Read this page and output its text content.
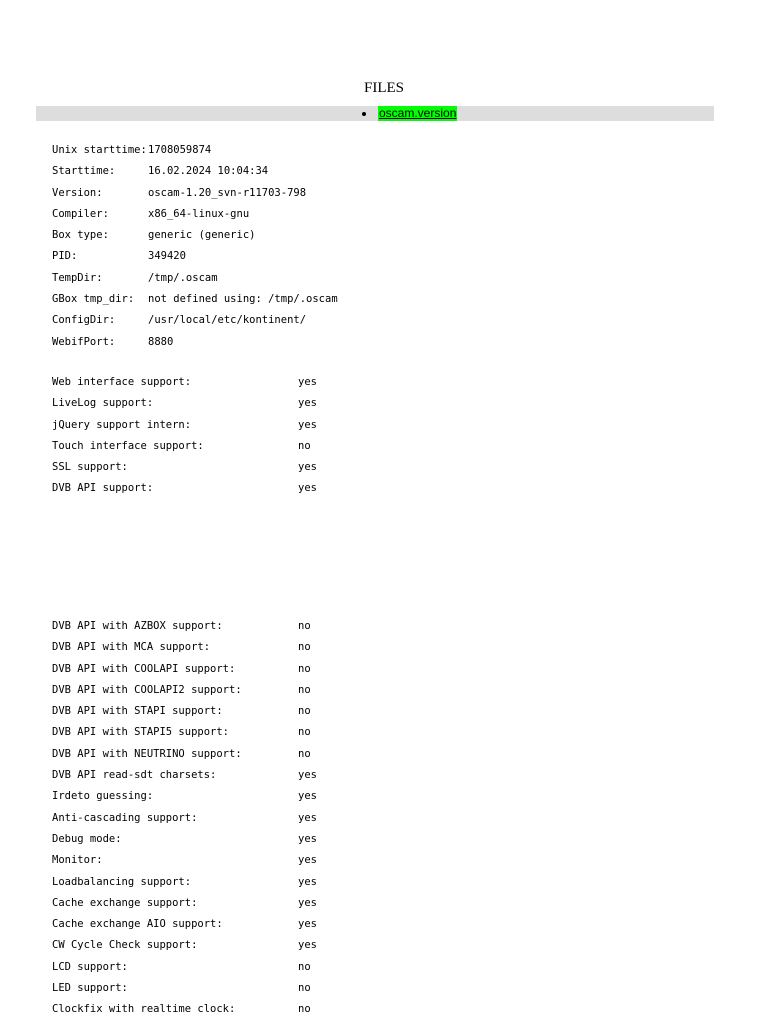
FILES
oscam.version
Unix starttime: 1708059874
Starttime:	16.02.2024 10:04:34
Version:	oscam-1.20_svn-r11703-798
Compiler:	x86_64-linux-gnu
Box type:	generic (generic)
PID:	349420
TempDir:	/tmp/.oscam
GBox tmp_dir: not defined using: /tmp/.oscam
ConfigDir:	/usr/local/etc/kontinent/
WebifPort:	8880
Web interface support:	yes
LiveLog support:	yes
jQuery support intern:	yes
Touch interface support:	no
SSL support:	yes
DVB API support:	yes
DVB API with AZBOX support:	no
DVB API with MCA support:	no
DVB API with COOLAPI support:	no
DVB API with COOLAPI2 support:	no
DVB API with STAPI support:	no
DVB API with STAPI5 support:	no
DVB API with NEUTRINO support:	no
DVB API read-sdt charsets:	yes
Irdeto guessing:	yes
Anti-cascading support:	yes
Debug mode:	yes
Monitor:	yes
Loadbalancing support:	yes
Cache exchange support:	yes
Cache exchange AIO support:	yes
CW Cycle Check support:	yes
LCD support:	no
LED support:	no
Clockfix with realtime clock:	no
